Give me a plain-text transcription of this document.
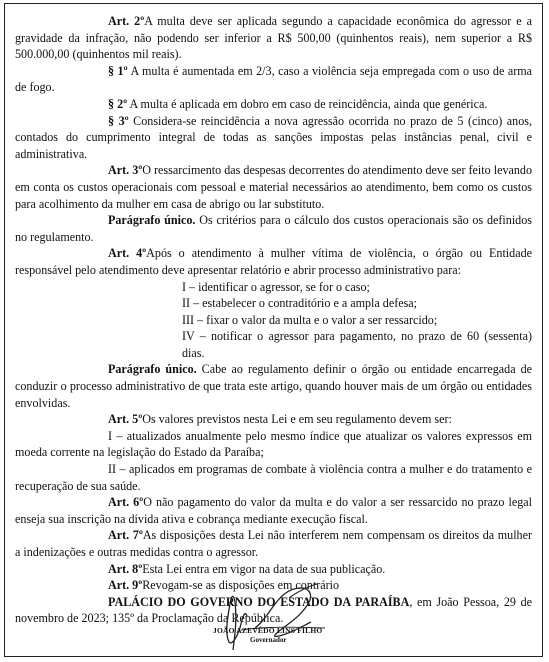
Art. 2ºA multa deve ser aplicada segundo a capacidade econômica do agressor e a gravidade da infração, não podendo ser inferior a R$ 500,00 (quinhentos reais), nem superior a R$ 500.000,00 (quinhentos mil reais).

§ 1º A multa é aumentada em 2/3, caso a violência seja empregada com o uso de arma de fogo.

§ 2º A multa é aplicada em dobro em caso de reincidência, ainda que genérica.

§ 3º Considera-se reincidência a nova agressão ocorrida no prazo de 5 (cinco) anos, contados do cumprimento integral de todas as sanções impostas pelas instâncias penal, civil e administrativa.

Art. 3ºO ressarcimento das despesas decorrentes do atendimento deve ser feito levando em conta os custos operacionais com pessoal e material necessários ao atendimento, bem como os custos para acolhimento da mulher em casa de abrigo ou lar substituto.

Parágrafo único. Os critérios para o cálculo dos custos operacionais são os definidos no regulamento.

Art. 4ºApós o atendimento à mulher vítima de violência, o órgão ou Entidade responsável pelo atendimento deve apresentar relatório e abrir processo administrativo para:

I – identificar o agressor, se for o caso;

II – estabelecer o contraditório e a ampla defesa;

III – fixar o valor da multa e o valor a ser ressarcido;

IV – notificar o agressor para pagamento, no prazo de 60 (sessenta) dias.

Parágrafo único. Cabe ao regulamento definir o órgão ou entidade encarregada de conduzir o processo administrativo de que trata este artigo, quando houver mais de um órgão ou entidades envolvidas.

Art. 5ºOs valores previstos nesta Lei e em seu regulamento devem ser:

I – atualizados anualmente pelo mesmo índice que atualizar os valores expressos em moeda corrente na legislação do Estado da Paraíba;

II – aplicados em programas de combate à violência contra a mulher e do tratamento e recuperação de sua saúde.

Art. 6ºO não pagamento do valor da multa e do valor a ser ressarcido no prazo legal enseja sua inscrição na dívida ativa e cobrança mediante execução fiscal.

Art. 7ºAs disposições desta Lei não interferem nem compensam os direitos da mulher a indenizações e outras medidas contra o agressor.

Art. 8ºEsta Lei entra em vigor na data de sua publicação.

Art. 9ºRevogam-se as disposições em contrário

PALÁCIO DO GOVERNO DO ESTADO DA PARAÍBA, em João Pessoa, 29 de novembro de 2023; 135º da Proclamação da República.

JOÃO AZEVÊDO LINS FILHO
Governador
